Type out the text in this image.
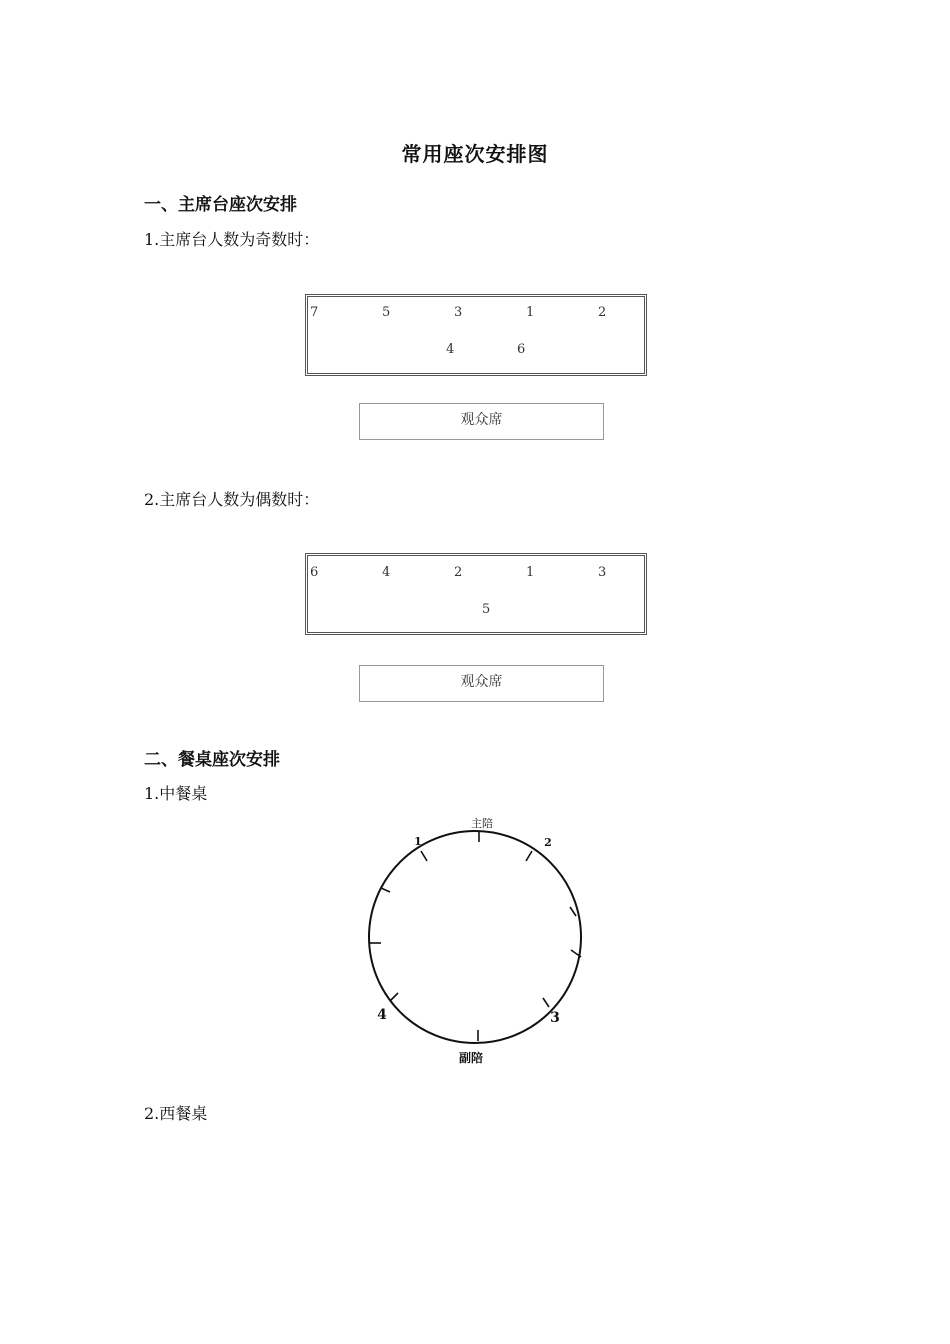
常用座次安排图
一、主席台座次安排
1.主席台人数为奇数时：
7	5	3	1	2
4	6
观众席
2.主席台人数为偶数时：
6	4	2	1	3
5
观众席
二、餐桌座次安排
1.中餐桌
主陪
1	2
3
4
副陪
2.西餐桌
